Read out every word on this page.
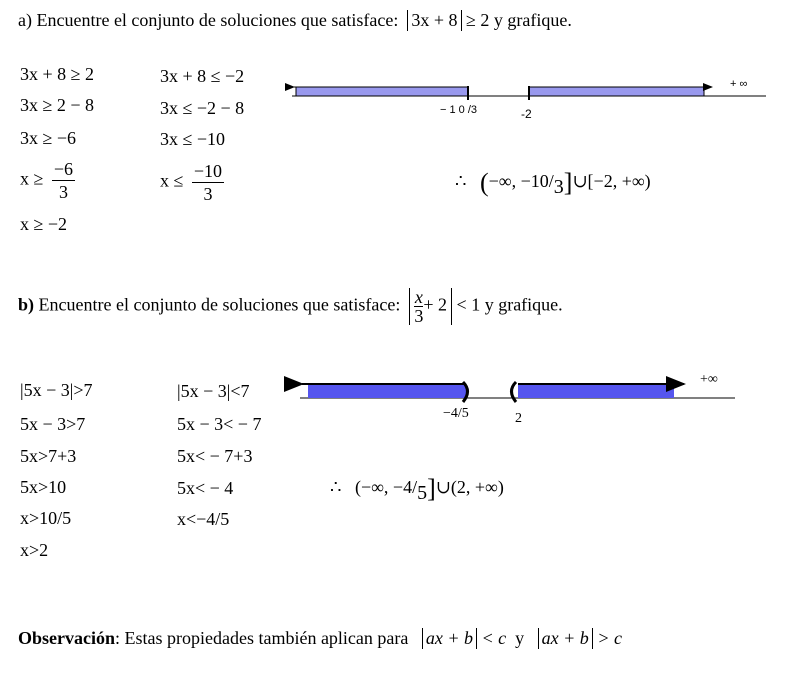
a) Encuentre el conjunto de soluciones que satisface: 3x + 8 ≥ 2 y grafique.
3x + 8 ≥ 2
3x ≥ 2 − 8
3x ≥ −6
$x \ge \frac{-6}{3}$
x ≥ −2
3x + 8 ≤ −2
3x ≤ −2 − 8
3x ≤ −10
$x \le \frac{-10}{3}$
− 1 0 /3	-2
+ ∞
∴ (−∞, −10/3]∪[−2, +∞)
b) Encuentre el conjunto de soluciones que satisface: $\frac{x}{3} + 2 < 1$ y grafique.
|5x − 3|>7
5x − 3>7
5x>7+3
5x>10
x>10/5
x>2
|5x − 3|<7
5x − 3< − 7
5x< − 7+3
5x< − 4
x<−4/5
−4/5	2
+∞
∴ (−∞, −4/5]∪(2, +∞)
Observación: Estas propiedades también aplican para ax + b < c y ax + b > c
